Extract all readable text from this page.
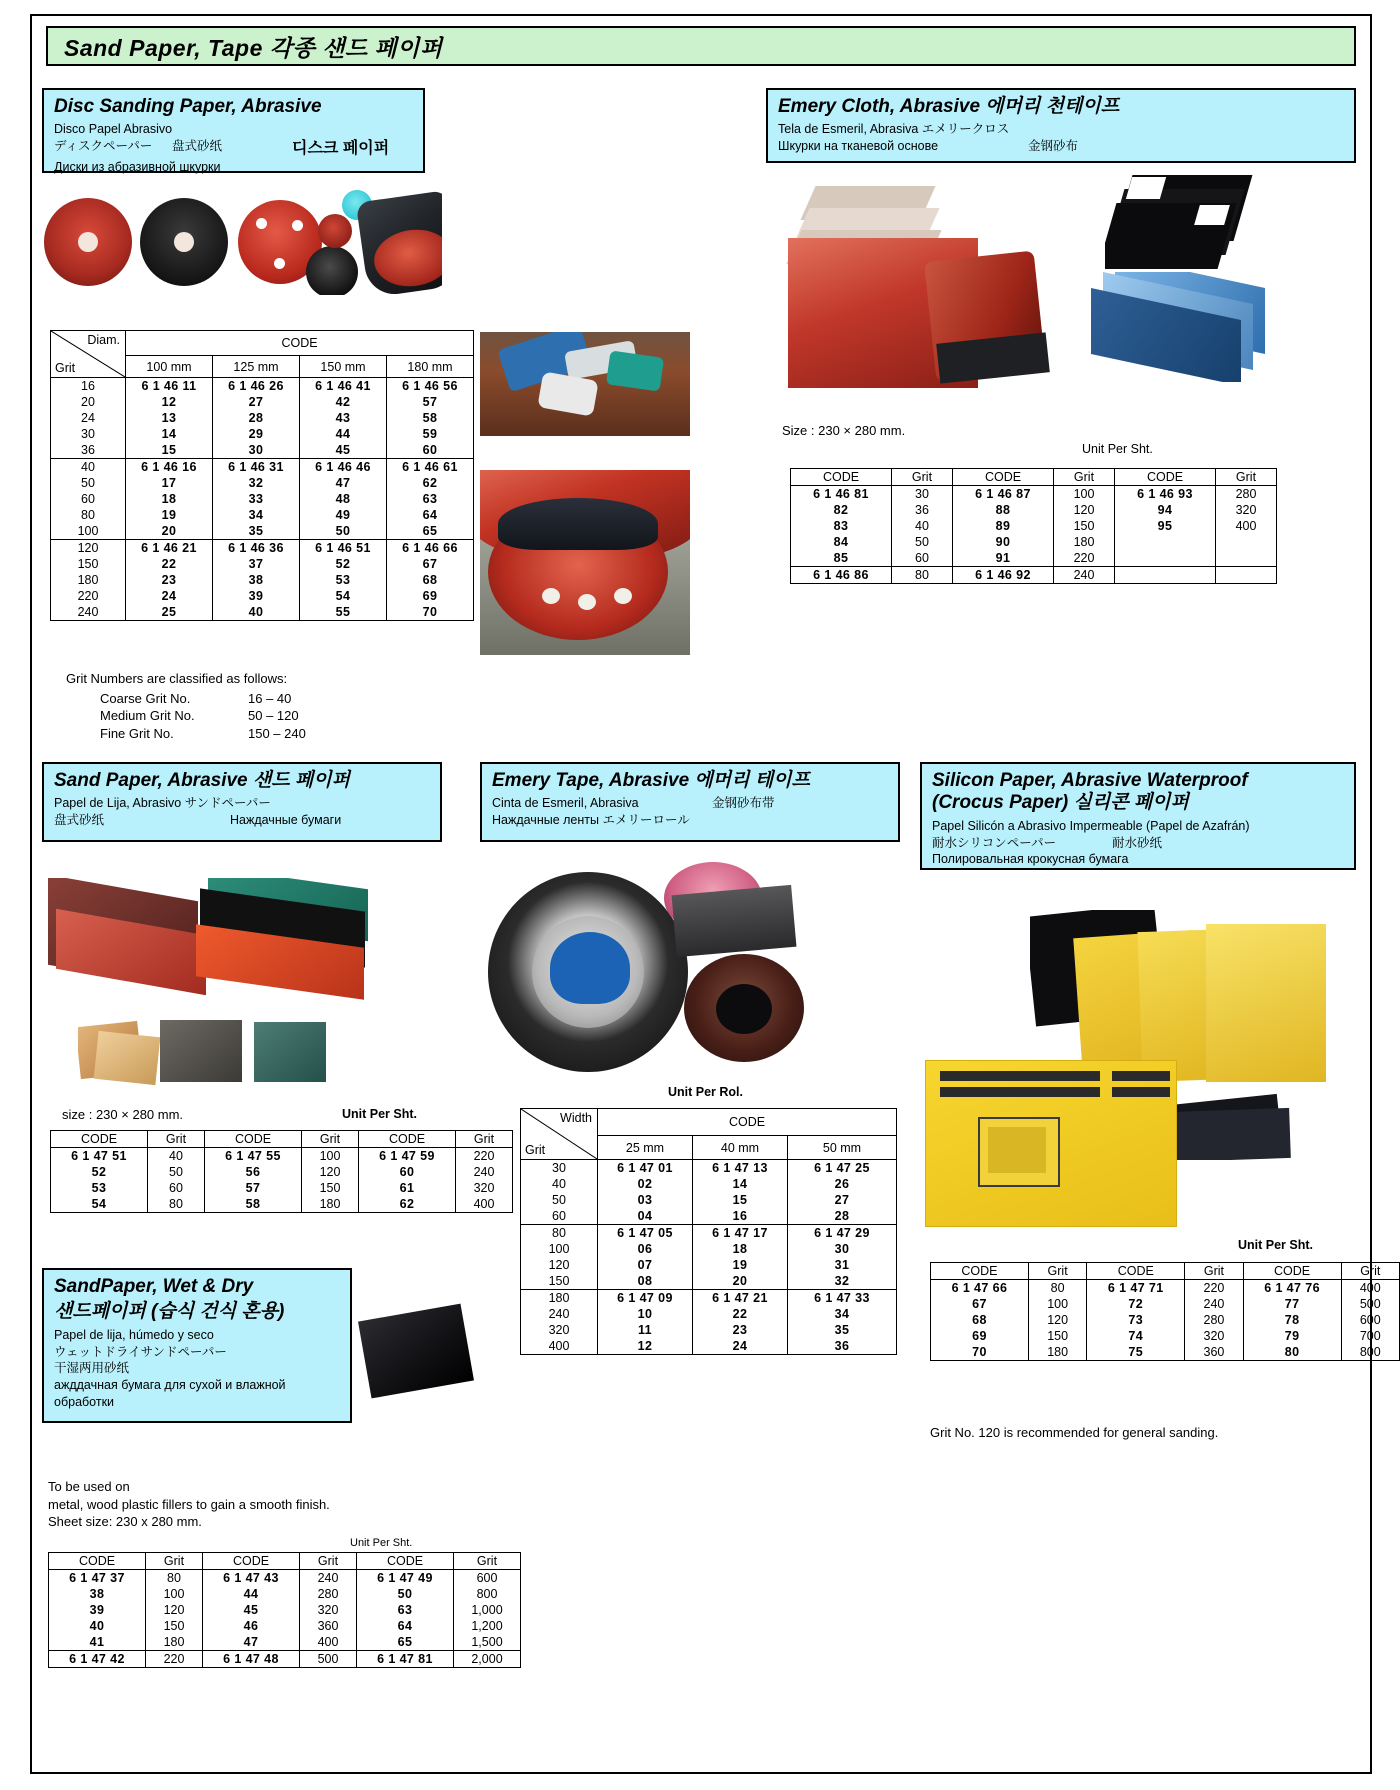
Sand Paper, Tape 각종 샌드 페이퍼
Disc Sanding Paper, Abrasive
Disco Papel Abrasivo
ディスクペーパー	盘式砂纸	디스크 페이퍼
Диски из абразивной шкурки
Diam.
Grit	CODE			
	100 mm	125 mm	150 mm	180 mm
16	6 1 46 11	6 1 46 26	6 1 46 41	6 1 46 56
20	12	27	42	57
24	13	28	43	58
30	14	29	44	59
36	15	30	45	60
40	6 1 46 16	6 1 46 31	6 1 46 46	6 1 46 61
50	17	32	47	62
60	18	33	48	63
80	19	34	49	64
100	20	35	50	65
120	6 1 46 21	6 1 46 36	6 1 46 51	6 1 46 66
150	22	37	52	67
180	23	38	53	68
220	24	39	54	69
240	25	40	55	70
Grit Numbers are classified as follows:
Coarse Grit No.	16 – 40
Medium Grit No.	50 – 120
Fine Grit No.	150 – 240
Emery Cloth, Abrasive 에머리 천테이프
Tela de Esmeril, Abrasiva エメリークロス
Шкурки на тканевой основе	金钢砂布
Size : 230 × 280 mm.
Unit Per Sht.
CODE	Grit	CODE	Grit	CODE	Grit
6 1 46 81	30	6 1 46 87	100	6 1 46 93	280
82	36	88	120	94	320
83	40	89	150	95	400
84	50	90	180		
85	60	91	220		
6 1 46 86	80	6 1 46 92	240		
Sand Paper, Abrasive 샌드 페이퍼
Papel de Lija, Abrasivo サンドペーパー
盘式砂纸	Наждачные бумаги
size : 230 × 280 mm.	Unit Per Sht.
CODE	Grit	CODE	Grit	CODE	Grit
6 1 47 51	40	6 1 47 55	100	6 1 47 59	220
52	50	56	120	60	240
53	60	57	150	61	320
54	80	58	180	62	400
SandPaper, Wet & Dry
샌드페이퍼 (습식 건식 혼용)
Papel de lija, húmedo y seco
ウェットドライサンドペーパー
干湿两用砂纸
ажддачная бумага для сухой и влажной обработки
To be used on
metal, wood plastic fillers to gain a smooth finish.
Sheet size: 230 x 280 mm.
Unit Per Sht.
CODE	Grit	CODE	Grit	CODE	Grit
6 1 47 37	80	6 1 47 43	240	6 1 47 49	600
38	100	44	280	50	800
39	120	45	320	63	1,000
40	150	46	360	64	1,200
41	180	47	400	65	1,500
6 1 47 42	220	6 1 47 48	500	6 1 47 81	2,000
Emery Tape, Abrasive 에머리 테이프
Cinta de Esmeril, Abrasiva	金钢砂布带
Наждачные ленты エメリーロール
Unit Per Rol.
Width
Grit	CODE		
	25 mm	40 mm	50 mm
30	6 1 47 01	6 1 47 13	6 1 47 25
40	02	14	26
50	03	15	27
60	04	16	28
80	6 1 47 05	6 1 47 17	6 1 47 29
100	06	18	30
120	07	19	31
150	08	20	32
180	6 1 47 09	6 1 47 21	6 1 47 33
240	10	22	34
320	11	23	35
400	12	24	36
Silicon Paper, Abrasive Waterproof
(Crocus Paper) 실리콘 페이퍼
Papel Silicón a Abrasivo Impermeable (Papel de Azafrán)
耐水シリコンペーパー	耐水砂纸
Полировальная крокусная бумага
Unit Per Sht.
CODE	Grit	CODE	Grit	CODE	Grit
6 1 47 66	80	6 1 47 71	220	6 1 47 76	400
67	100	72	240	77	500
68	120	73	280	78	600
69	150	74	320	79	700
70	180	75	360	80	800
Grit No. 120 is recommended for general sanding.
